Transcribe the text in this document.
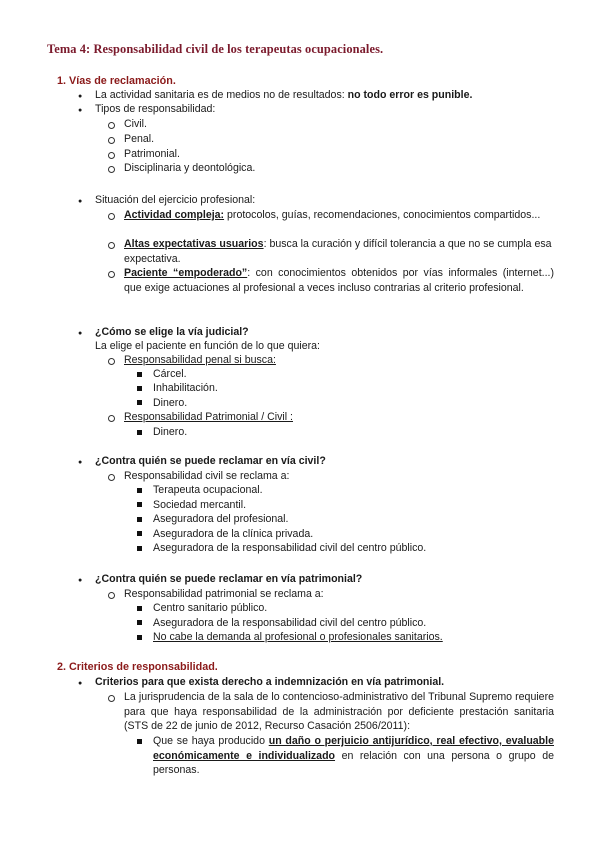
Tema 4: Responsabilidad civil de los terapeutas ocupacionales.
1. Vías de reclamación.
● La actividad sanitaria es de medios no de resultados: no todo error es punible.
● Tipos de responsabilidad:
Civil.
Penal.
Patrimonial.
Disciplinaria y deontológica.
● Situación del ejercicio profesional:
Actividad compleja: protocolos, guías, recomendaciones, conocimientos compartidos...
Altas expectativas usuarios: busca la curación y difícil tolerancia a que no se cumpla esa expectativa.
Paciente “empoderado”: con conocimientos obtenidos por vías informales (internet...) que exige actuaciones al profesional a veces incluso contrarias al criterio profesional.
● ¿Cómo se elige la vía judicial?
La elige el paciente en función de lo que quiera:
Responsabilidad penal si busca:
Cárcel.
Inhabilitación.
Dinero.
Responsabilidad Patrimonial / Civil :
Dinero.
● ¿Contra quién se puede reclamar en vía civil?
Responsabilidad civil se reclama a:
Terapeuta ocupacional.
Sociedad mercantil.
Aseguradora del profesional.
Aseguradora de la clínica privada.
Aseguradora de la responsabilidad civil del centro público.
● ¿Contra quién se puede reclamar en vía patrimonial?
Responsabilidad patrimonial se reclama a:
Centro sanitario público.
Aseguradora de la responsabilidad civil del centro público.
No cabe la demanda al profesional o profesionales sanitarios.
2. Criterios de responsabilidad.
● Criterios para que exista derecho a indemnización en vía patrimonial.
La jurisprudencia de la sala de lo contencioso-administrativo del Tribunal Supremo requiere para que haya responsabilidad de la administración por deficiente prestación sanitaria (STS de 22 de junio de 2012, Recurso Casación 2506/2011):
Que se haya producido un daño o perjuicio antijurídico, real efectivo, evaluable económicamente e individualizado en relación con una persona o grupo de personas.
